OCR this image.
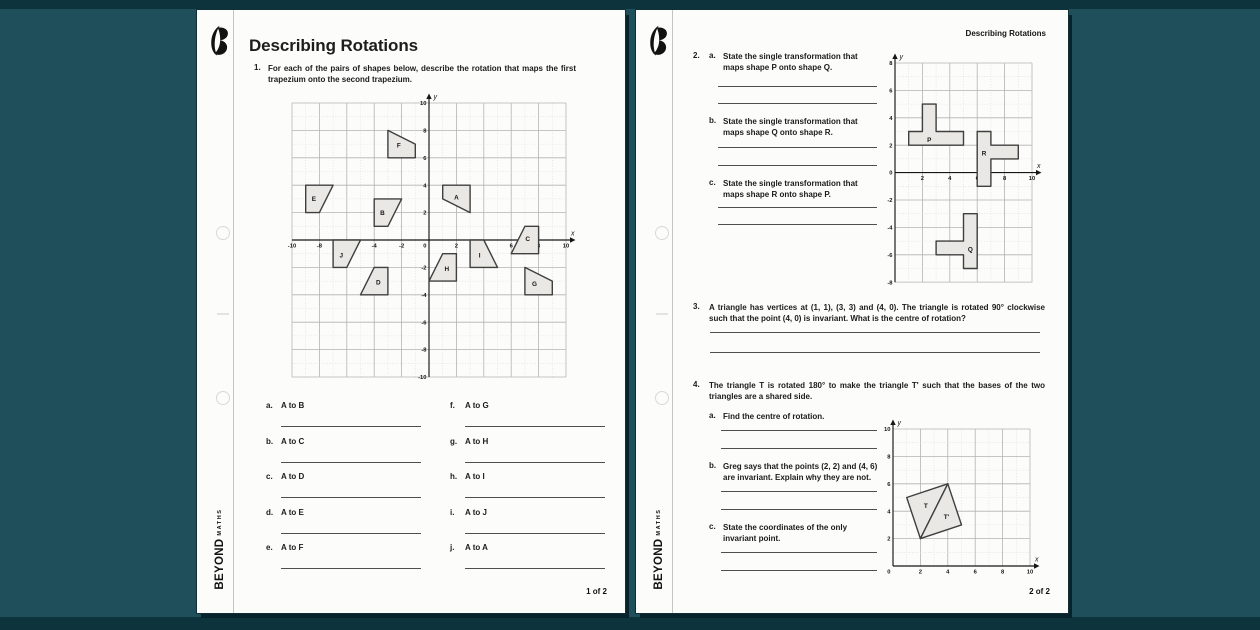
BEYONDMATHS
Describing Rotations
1. For each of the pairs of shapes below, describe the rotation that maps the first trapezium onto the second trapezium.
y
x
-10	-8	-4	-2	2	6	10
10
8
6
4
2
-2
-4
-6
-8
-10
0
A
B
C
D
E
F
G
H
I
J
a. A to B
b. A to C
c. A to D
d. A to E
e. A to F
f. A to G
g. A to H
h. A to I
i. A to J
j. A to A
1 of 2
BEYONDMATHS
Describing Rotations
2. a. State the single transformation that maps shape P onto shape Q.
b. State the single transformation that maps shape Q onto shape R.
c. State the single transformation that maps shape R onto shape P.
y
x
2	4	8	10
8
6
4
2
0
-2
-4
-6
-8
P
R
Q
3. A triangle has vertices at (1, 1), (3, 3) and (4, 0). The triangle is rotated 90° clockwise such that the point (4, 0) is invariant. What is the centre of rotation?
4. The triangle T is rotated 180° to make the triangle T' such that the bases of the two triangles are a shared side.
a. Find the centre of rotation.
b. Greg says that the points (2, 2) and (4, 6) are invariant. Explain why they are not.
c. State the coordinates of the only invariant point.
y
x
2	4	6	8	10
10
8
6
4
2
0
T
T'
2 of 2
